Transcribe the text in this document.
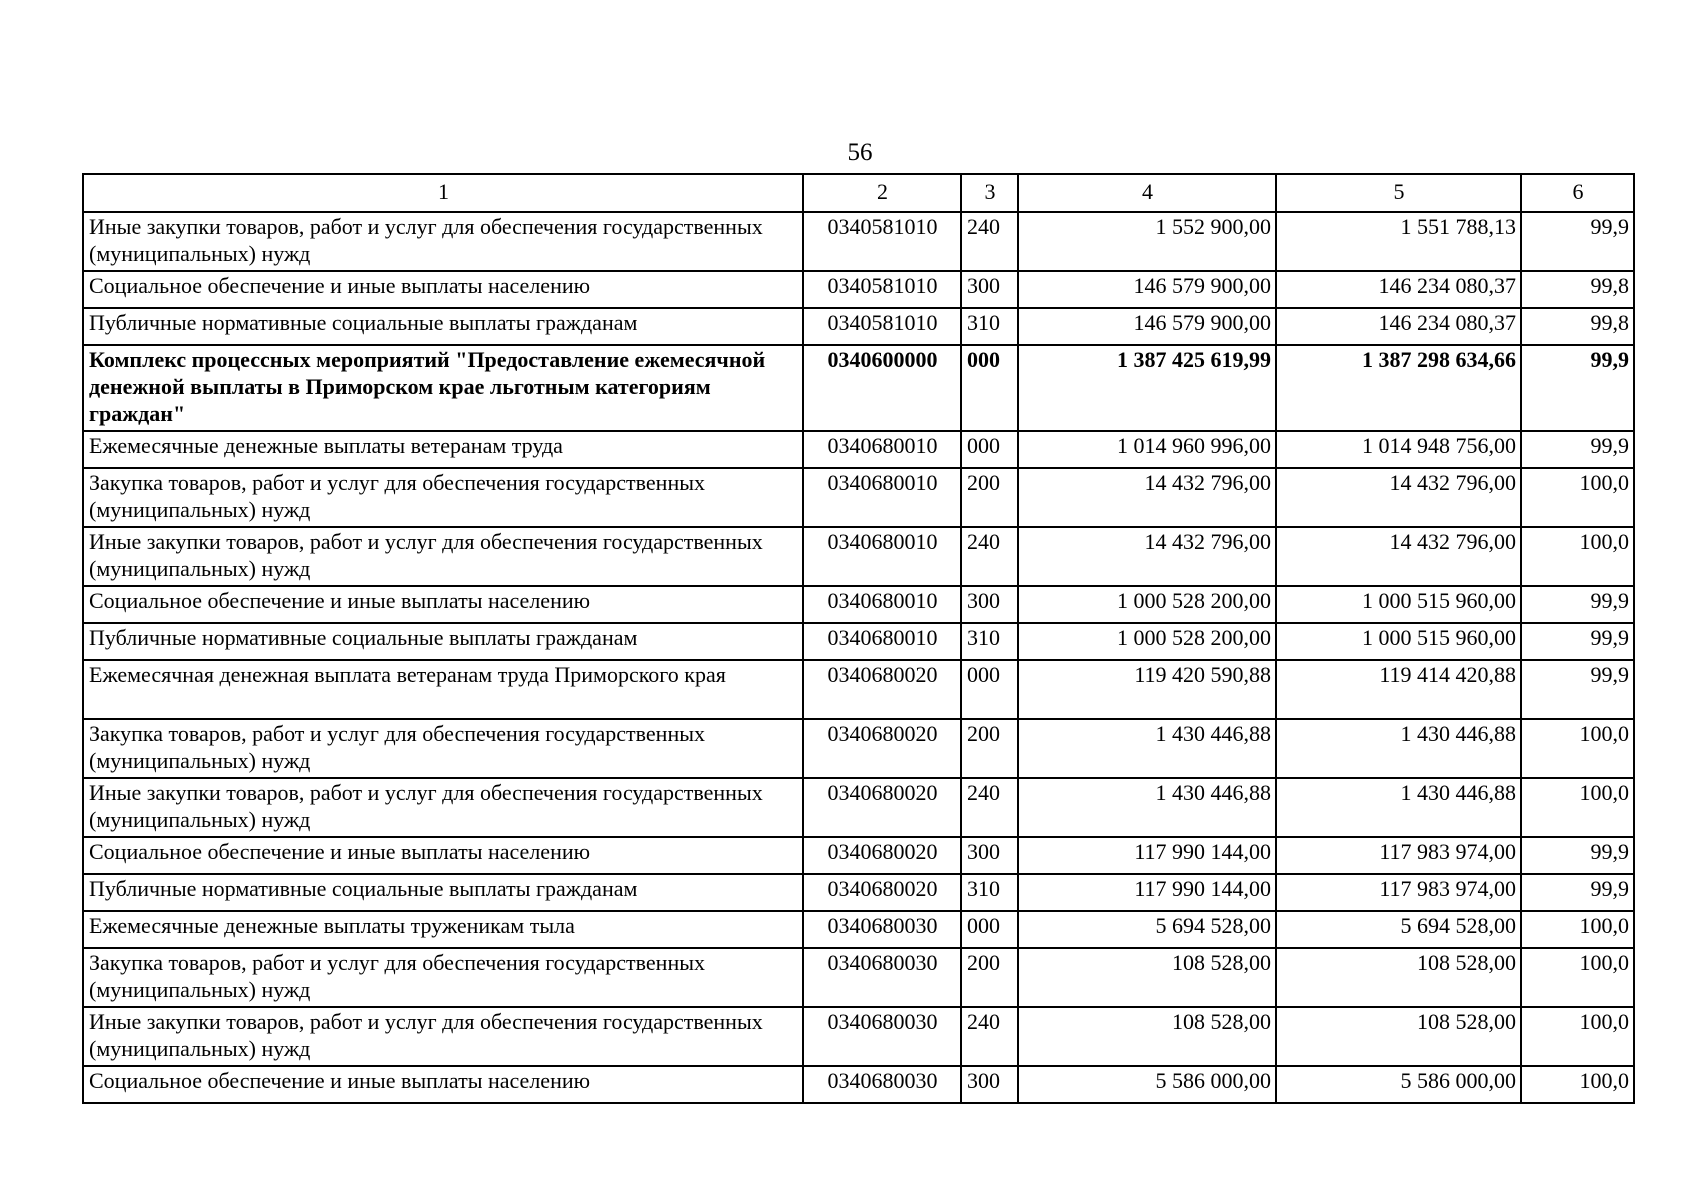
56
1	2	3	4	5	6
Иные закупки товаров, работ и услуг для обеспечения государственных (муниципальных) нужд	0340581010	240	1 552 900,00	1 551 788,13	99,9
Социальное обеспечение и иные выплаты населению	0340581010	300	146 579 900,00	146 234 080,37	99,8
Публичные нормативные социальные выплаты гражданам	0340581010	310	146 579 900,00	146 234 080,37	99,8
Комплекс процессных мероприятий "Предоставление ежемесячной денежной выплаты в Приморском крае льготным категориям граждан"	0340600000	000	1 387 425 619,99	1 387 298 634,66	99,9
Ежемесячные денежные выплаты ветеранам труда	0340680010	000	1 014 960 996,00	1 014 948 756,00	99,9
Закупка товаров, работ и услуг для обеспечения государственных (муниципальных) нужд	0340680010	200	14 432 796,00	14 432 796,00	100,0
Иные закупки товаров, работ и услуг для обеспечения государственных (муниципальных) нужд	0340680010	240	14 432 796,00	14 432 796,00	100,0
Социальное обеспечение и иные выплаты населению	0340680010	300	1 000 528 200,00	1 000 515 960,00	99,9
Публичные нормативные социальные выплаты гражданам	0340680010	310	1 000 528 200,00	1 000 515 960,00	99,9
Ежемесячная денежная выплата ветеранам труда Приморского края	0340680020	000	119 420 590,88	119 414 420,88	99,9
Закупка товаров, работ и услуг для обеспечения государственных (муниципальных) нужд	0340680020	200	1 430 446,88	1 430 446,88	100,0
Иные закупки товаров, работ и услуг для обеспечения государственных (муниципальных) нужд	0340680020	240	1 430 446,88	1 430 446,88	100,0
Социальное обеспечение и иные выплаты населению	0340680020	300	117 990 144,00	117 983 974,00	99,9
Публичные нормативные социальные выплаты гражданам	0340680020	310	117 990 144,00	117 983 974,00	99,9
Ежемесячные денежные выплаты труженикам тыла	0340680030	000	5 694 528,00	5 694 528,00	100,0
Закупка товаров, работ и услуг для обеспечения государственных (муниципальных) нужд	0340680030	200	108 528,00	108 528,00	100,0
Иные закупки товаров, работ и услуг для обеспечения государственных (муниципальных) нужд	0340680030	240	108 528,00	108 528,00	100,0
Социальное обеспечение и иные выплаты населению	0340680030	300	5 586 000,00	5 586 000,00	100,0
